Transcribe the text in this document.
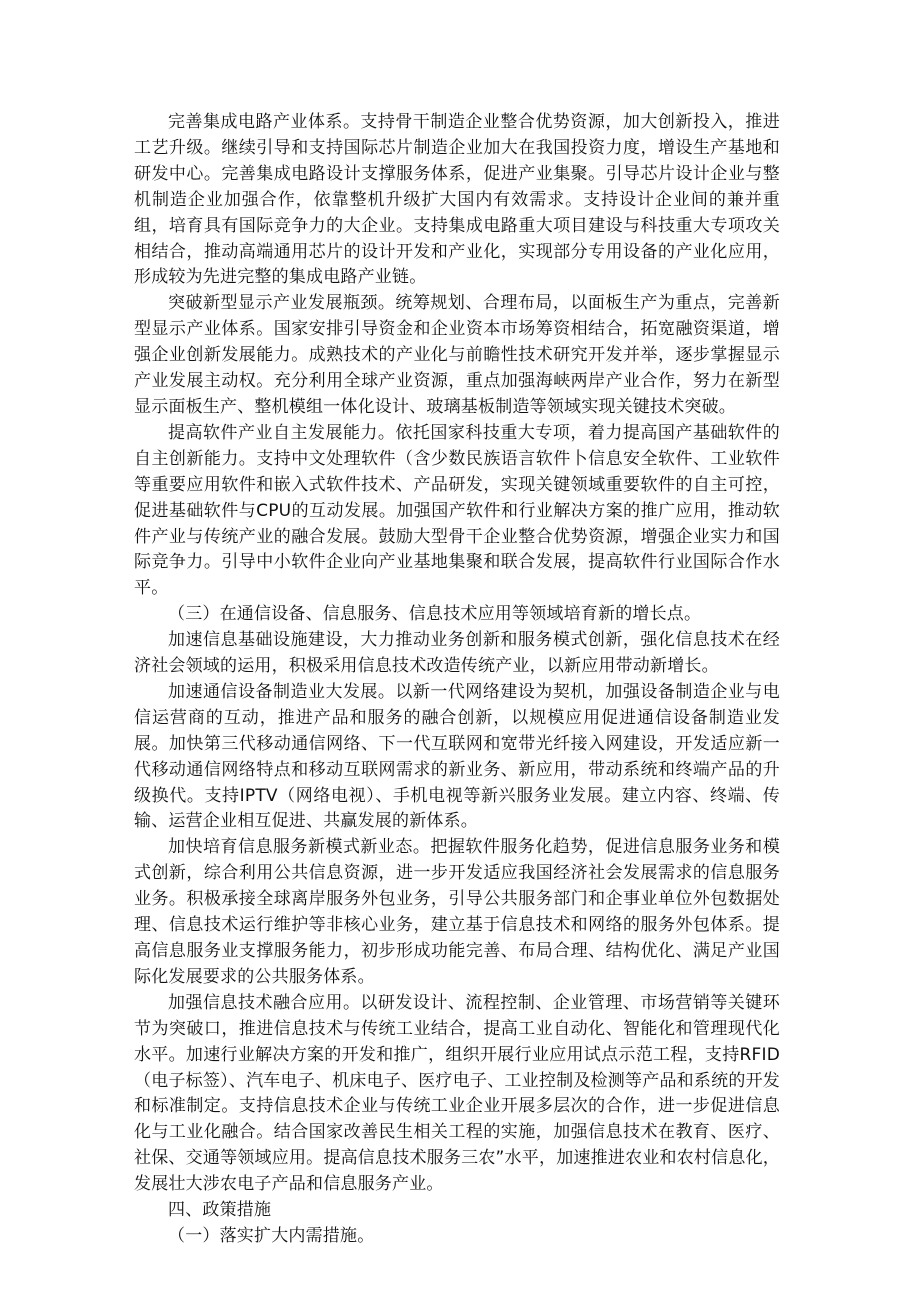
完善集成电路产业体系。支持骨干制造企业整合优势资源，加大创新投入，推进工艺升级。继续引导和支持国际芯片制造企业加大在我国投资力度，增设生产基地和研发中心。完善集成电路设计支撑服务体系，促进产业集聚。引导芯片设计企业与整机制造企业加强合作，依靠整机升级扩大国内有效需求。支持设计企业间的兼并重组，培育具有国际竞争力的大企业。支持集成电路重大项目建设与科技重大专项攻关相结合，推动高端通用芯片的设计开发和产业化，实现部分专用设备的产业化应用，形成较为先进完整的集成电路产业链。

突破新型显示产业发展瓶颈。统筹规划、合理布局，以面板生产为重点，完善新型显示产业体系。国家安排引导资金和企业资本市场筹资相结合，拓宽融资渠道，增强企业创新发展能力。成熟技术的产业化与前瞻性技术研究开发并举，逐步掌握显示产业发展主动权。充分利用全球产业资源，重点加强海峡两岸产业合作，努力在新型显示面板生产、整机模组一体化设计、玻璃基板制造等领域实现关键技术突破。

提高软件产业自主发展能力。依托国家科技重大专项，着力提高国产基础软件的自主创新能力。支持中文处理软件（含少数民族语言软件卜信息安全软件、工业软件等重要应用软件和嵌入式软件技术、产品研发，实现关键领域重要软件的自主可控，促进基础软件与CPU的互动发展。加强国产软件和行业解决方案的推广应用，推动软件产业与传统产业的融合发展。鼓励大型骨干企业整合优势资源，增强企业实力和国际竞争力。引导中小软件企业向产业基地集聚和联合发展，提高软件行业国际合作水平。

（三）在通信设备、信息服务、信息技术应用等领域培育新的增长点。

加速信息基础设施建设，大力推动业务创新和服务模式创新，强化信息技术在经济社会领域的运用，积极采用信息技术改造传统产业，以新应用带动新增长。

加速通信设备制造业大发展。以新一代网络建设为契机，加强设备制造企业与电信运营商的互动，推进产品和服务的融合创新，以规模应用促进通信设备制造业发展。加快第三代移动通信网络、下一代互联网和宽带光纤接入网建设，开发适应新一代移动通信网络特点和移动互联网需求的新业务、新应用，带动系统和终端产品的升级换代。支持IPTV（网络电视）、手机电视等新兴服务业发展。建立内容、终端、传输、运营企业相互促进、共赢发展的新体系。

加快培育信息服务新模式新业态。把握软件服务化趋势，促进信息服务业务和模式创新，综合利用公共信息资源，进一步开发适应我国经济社会发展需求的信息服务业务。积极承接全球离岸服务外包业务，引导公共服务部门和企事业单位外包数据处理、信息技术运行维护等非核心业务，建立基于信息技术和网络的服务外包体系。提高信息服务业支撑服务能力，初步形成功能完善、布局合理、结构优化、满足产业国际化发展要求的公共服务体系。

加强信息技术融合应用。以研发设计、流程控制、企业管理、市场营销等关键环节为突破口，推进信息技术与传统工业结合，提高工业自动化、智能化和管理现代化水平。加速行业解决方案的开发和推广，组织开展行业应用试点示范工程，支持RFID（电子标签）、汽车电子、机床电子、医疗电子、工业控制及检测等产品和系统的开发和标准制定。支持信息技术企业与传统工业企业开展多层次的合作，进一步促进信息化与工业化融合。结合国家改善民生相关工程的实施，加强信息技术在教育、医疗、社保、交通等领域应用。提高信息技术服务三农”水平，加速推进农业和农村信息化，发展壮大涉农电子产品和信息服务产业。

四、政策措施

（一）落实扩大内需措施。
